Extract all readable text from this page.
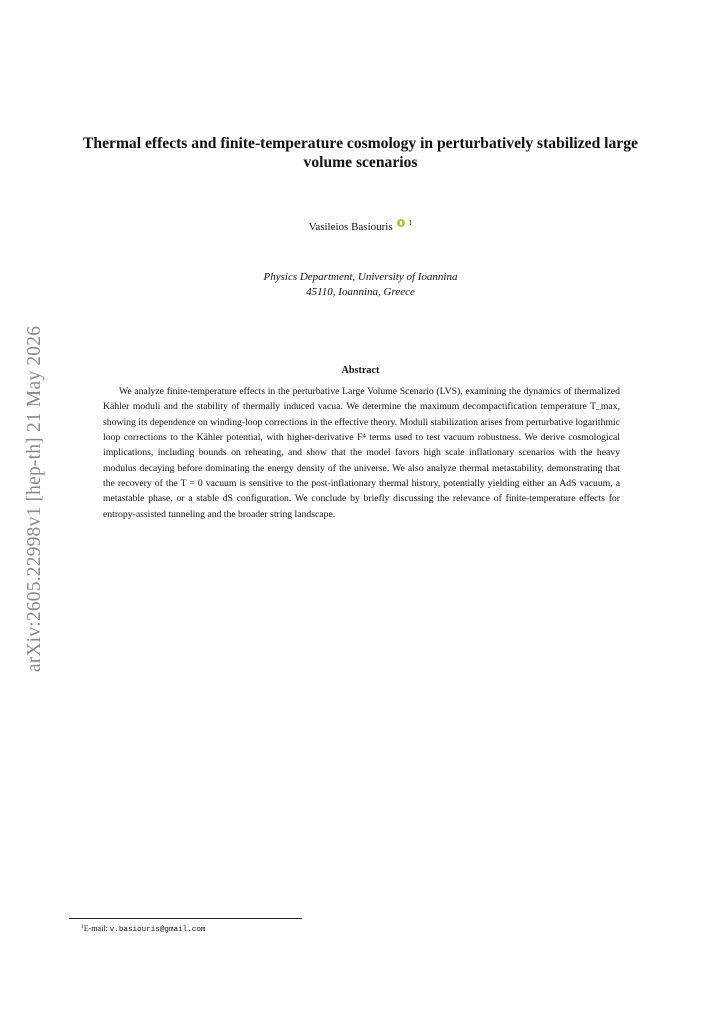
arXiv:2605.22998v1 [hep-th] 21 May 2026
Thermal effects and finite-temperature cosmology in perturbatively stabilized large volume scenarios
Vasileios Basiouris $^1$
Physics Department, University of Ioannina
45110, Ioannina, Greece
Abstract

We analyze finite-temperature effects in the perturbative Large Volume Scenario (LVS), examining the dynamics of thermalized Kähler moduli and the stability of thermally induced vacua. We determine the maximum decompactification temperature T_max, showing its dependence on winding-loop corrections in the effective theory. Moduli stabilization arises from perturbative logarithmic loop corrections to the Kähler potential, with higher-derivative F⁴ terms used to test vacuum robustness. We derive cosmological implications, including bounds on reheating, and show that the model favors high scale inflationary scenarios with the heavy modulus decaying before dominating the energy density of the universe. We also analyze thermal metastability, demonstrating that the recovery of the T = 0 vacuum is sensitive to the post-inflationary thermal history, potentially yielding either an AdS vacuum, a metastable phase, or a stable dS configuration. We conclude by briefly discussing the relevance of finite-temperature effects for entropy-assisted tunneling and the broader string landscape.

$^1$E-mail: v.basiouris@gmail.com
